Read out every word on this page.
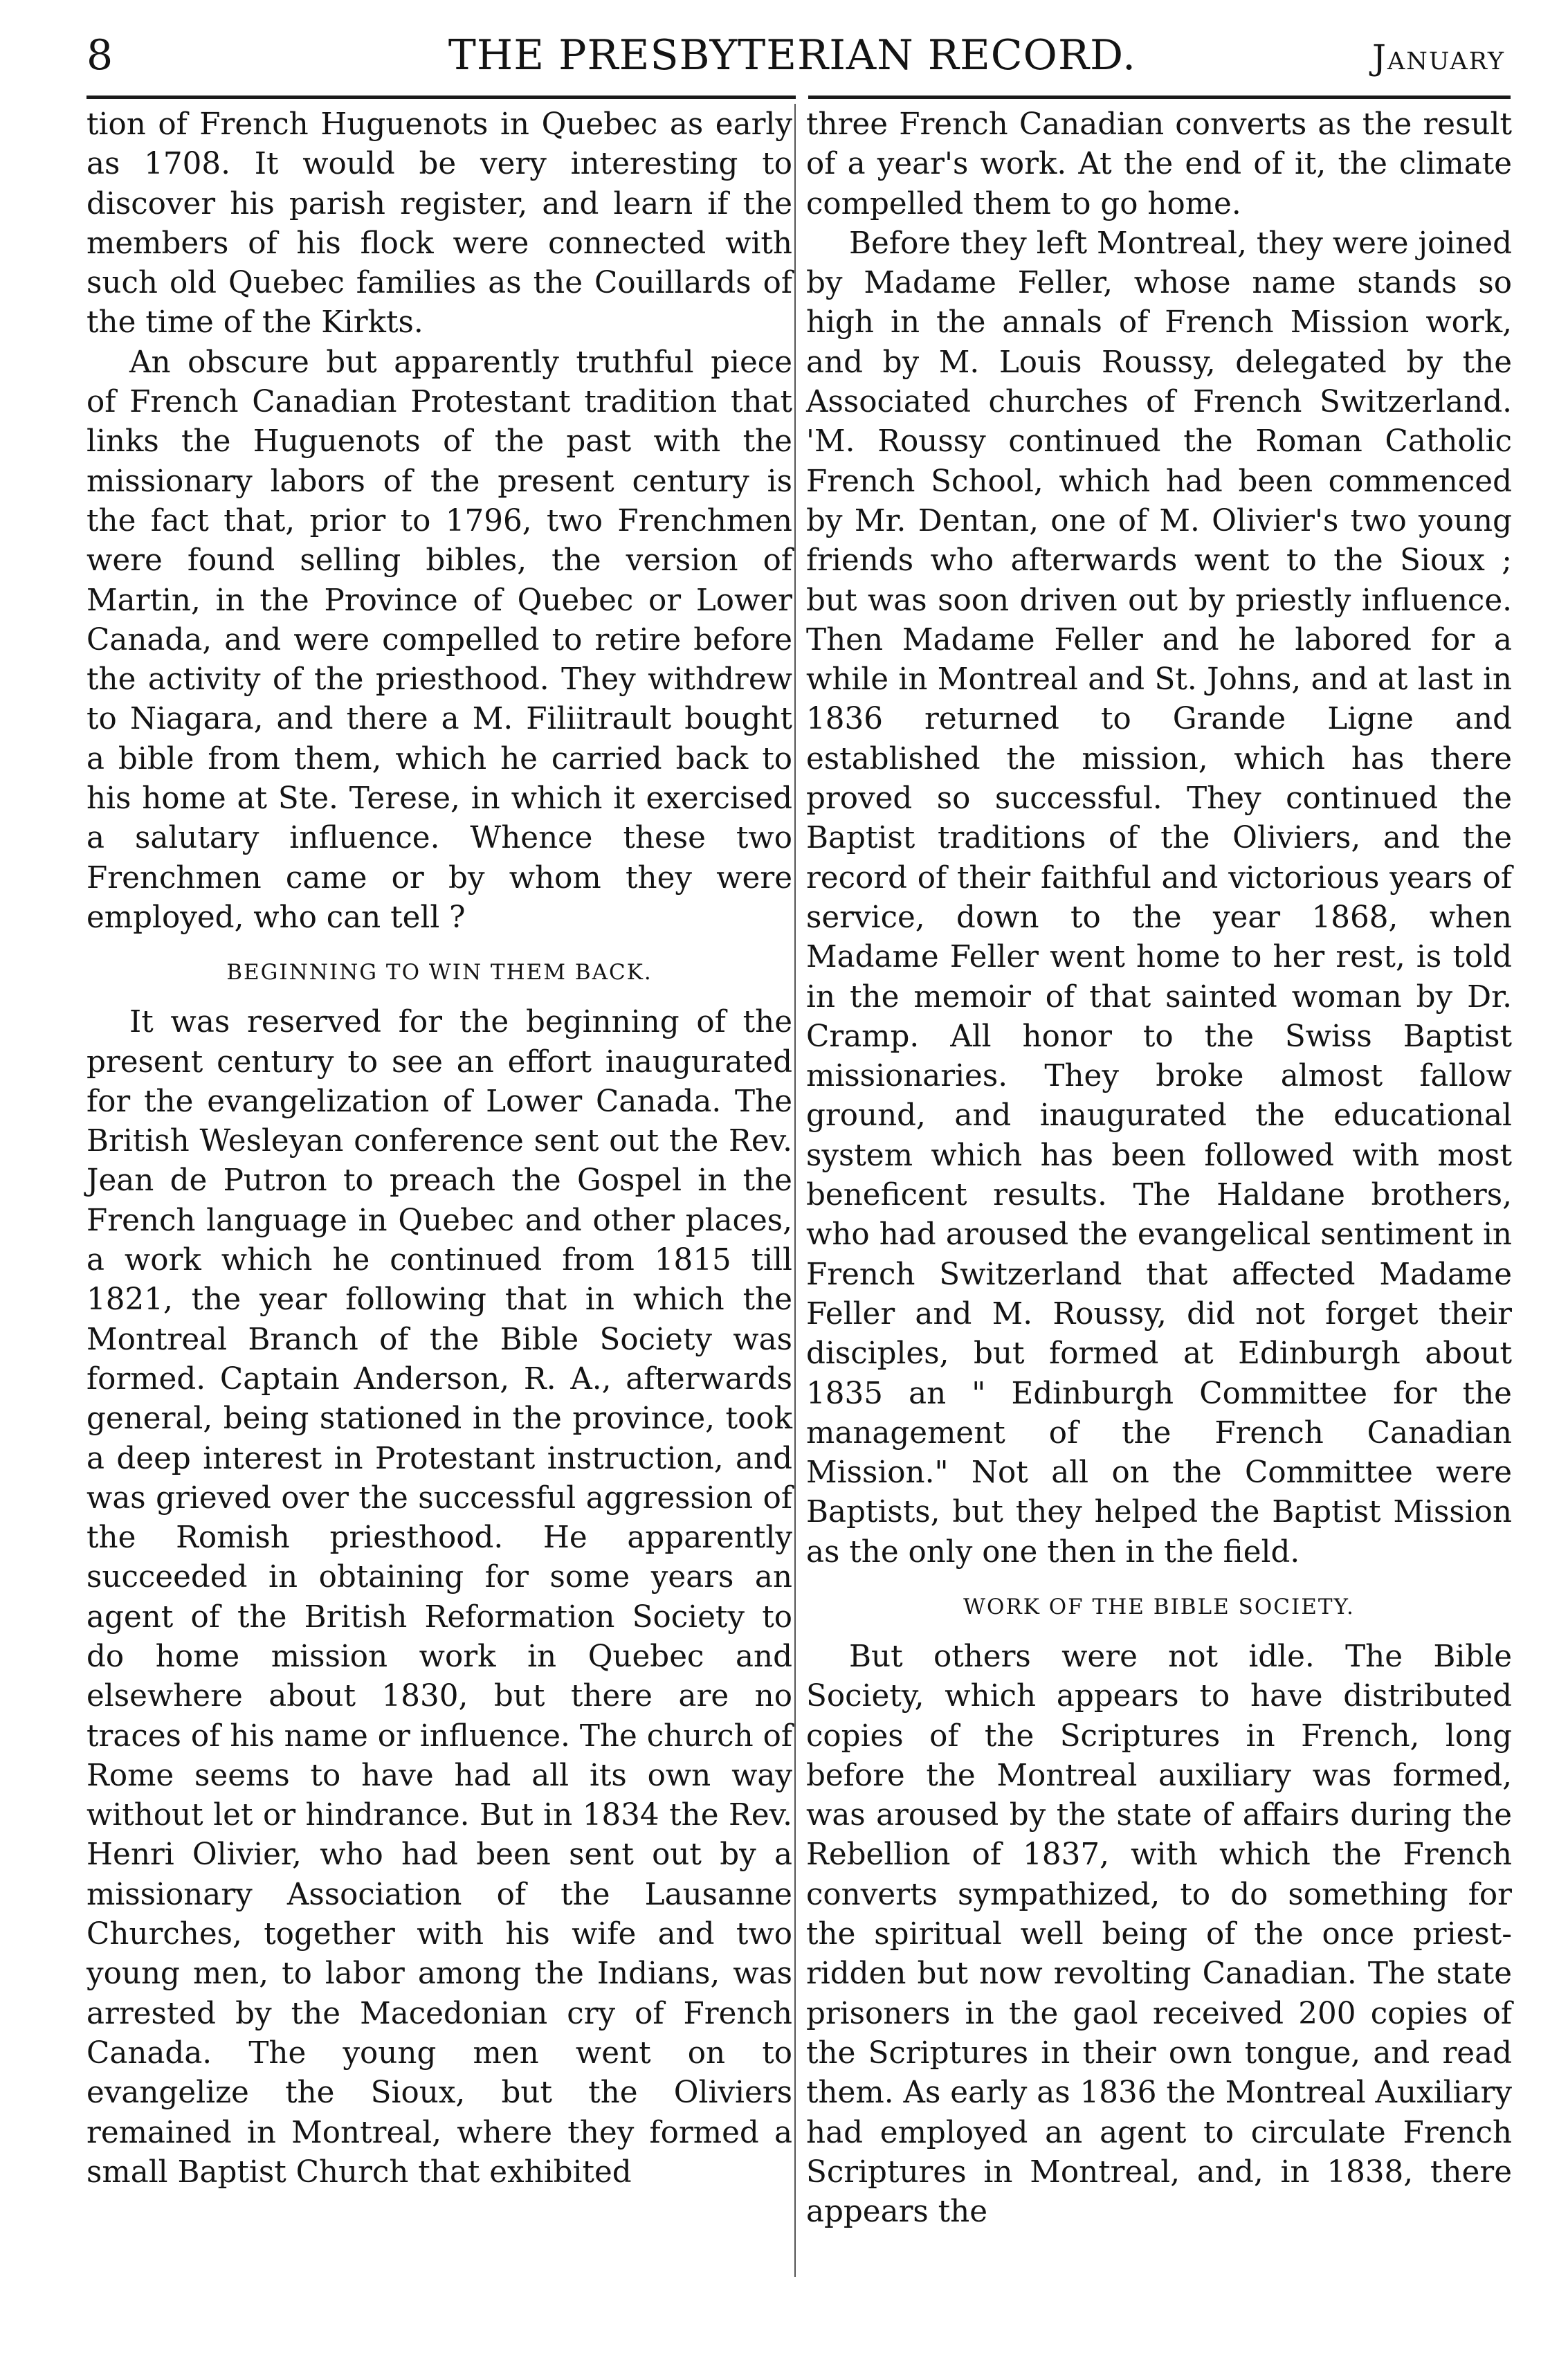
8	THE PRESBYTERIAN RECORD.	January

tion of French Huguenots in Quebec as early as 1708. It would be very interesting to discover his parish register, and learn if the members of his flock were connected with such old Quebec families as the Couillards of the time of the Kirkts.

An obscure but apparently truthful piece of French Canadian Protestant tradition that links the Huguenots of the past with the missionary labors of the present century is the fact that, prior to 1796, two Frenchmen were found selling bibles, the version of Martin, in the Province of Quebec or Lower Canada, and were compelled to retire before the activity of the priesthood. They withdrew to Niagara, and there a M. Filiitrault bought a bible from them, which he carried back to his home at Ste. Terese, in which it exercised a salutary influence. Whence these two Frenchmen came or by whom they were employed, who can tell ?

BEGINNING TO WIN THEM BACK.

It was reserved for the beginning of the present century to see an effort inaugurated for the evangelization of Lower Canada. The British Wesleyan conference sent out the Rev. Jean de Putron to preach the Gospel in the French language in Quebec and other places, a work which he continued from 1815 till 1821, the year following that in which the Montreal Branch of the Bible Society was formed. Captain Anderson, R. A., afterwards general, being stationed in the province, took a deep interest in Protestant instruction, and was grieved over the successful aggression of the Romish priesthood. He apparently succeeded in obtaining for some years an agent of the British Reformation Society to do home mission work in Quebec and elsewhere about 1830, but there are no traces of his name or influence. The church of Rome seems to have had all its own way without let or hindrance. But in 1834 the Rev. Henri Olivier, who had been sent out by a missionary Association of the Lausanne Churches, together with his wife and two young men, to labor among the Indians, was arrested by the Macedonian cry of French Canada. The young men went on to evangelize the Sioux, but the Oliviers remained in Montreal, where they formed a small Baptist Church that exhibited

three French Canadian converts as the result of a year's work. At the end of it, the climate compelled them to go home.

Before they left Montreal, they were joined by Madame Feller, whose name stands so high in the annals of French Mission work, and by M. Louis Roussy, delegated by the Associated churches of French Switzerland. 'M. Roussy continued the Roman Catholic French School, which had been commenced by Mr. Dentan, one of M. Olivier's two young friends who afterwards went to the Sioux ; but was soon driven out by priestly influence. Then Madame Feller and he labored for a while in Montreal and St. Johns, and at last in 1836 returned to Grande Ligne and established the mission, which has there proved so successful. They continued the Baptist traditions of the Oliviers, and the record of their faithful and victorious years of service, down to the year 1868, when Madame Feller went home to her rest, is told in the memoir of that sainted woman by Dr. Cramp. All honor to the Swiss Baptist missionaries. They broke almost fallow ground, and inaugurated the educational system which has been followed with most beneficent results. The Haldane brothers, who had aroused the evangelical sentiment in French Switzerland that affected Madame Feller and M. Roussy, did not forget their disciples, but formed at Edinburgh about 1835 an " Edinburgh Committee for the management of the French Canadian Mission." Not all on the Committee were Baptists, but they helped the Baptist Mission as the only one then in the field.

WORK OF THE BIBLE SOCIETY.

But others were not idle. The Bible Society, which appears to have distributed copies of the Scriptures in French, long before the Montreal auxiliary was formed, was aroused by the state of affairs during the Rebellion of 1837, with which the French converts sympathized, to do something for the spiritual well being of the once priest-ridden but now revolting Canadian. The state prisoners in the gaol received 200 copies of the Scriptures in their own tongue, and read them. As early as 1836 the Montreal Auxiliary had employed an agent to circulate French Scriptures in Montreal, and, in 1838, there appears the
